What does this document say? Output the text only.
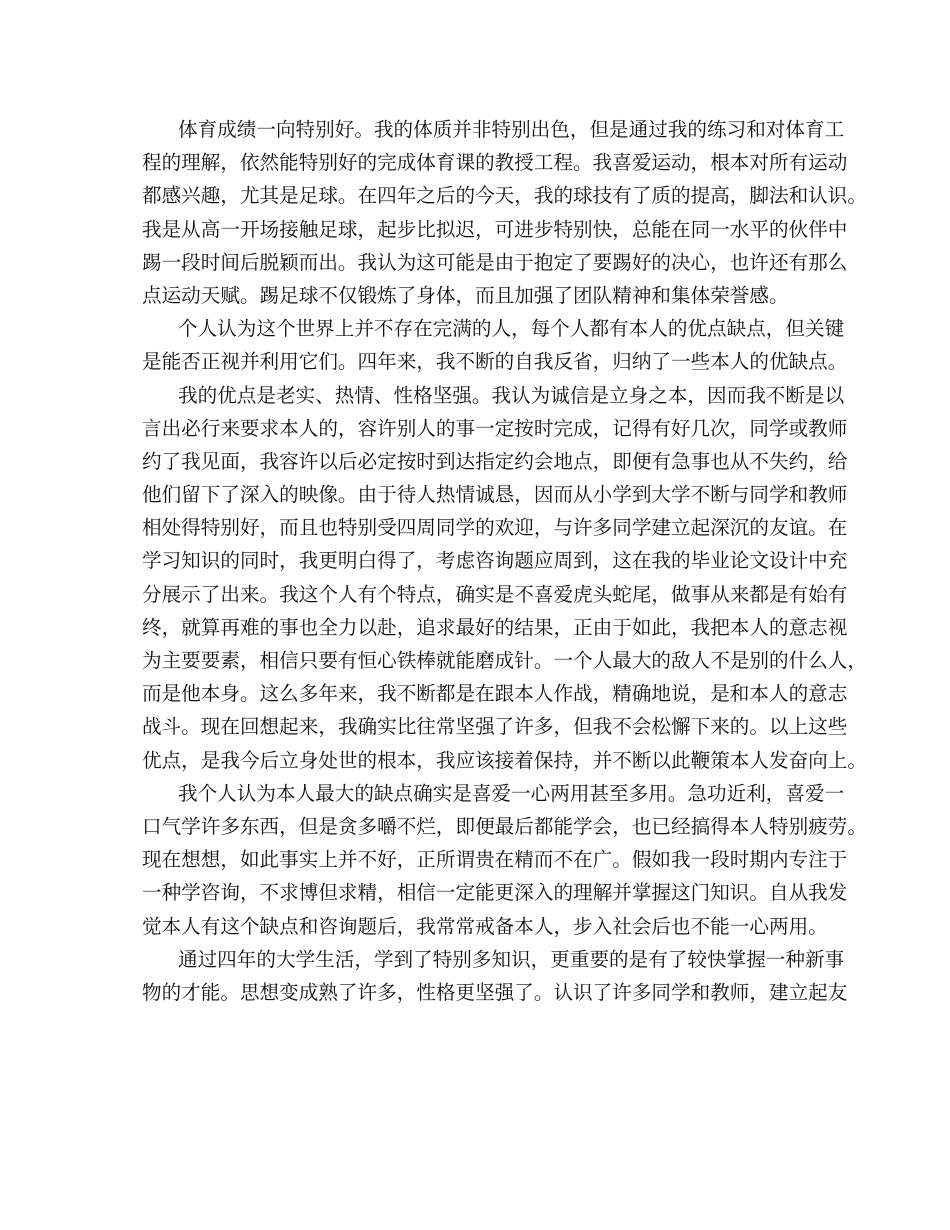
体育成绩一向特别好。我的体质并非特别出色，但是通过我的练习和对体育工
程的理解，依然能特别好的完成体育课的教授工程。我喜爱运动，根本对所有运动
都感兴趣，尤其是足球。在四年之后的今天，我的球技有了质的提高，脚法和认识。
我是从高一开场接触足球，起步比拟迟，可进步特别快，总能在同一水平的伙伴中
踢一段时间后脱颖而出。我认为这可能是由于抱定了要踢好的决心，也许还有那么
点运动天赋。踢足球不仅锻炼了身体，而且加强了团队精神和集体荣誉感。
个人认为这个世界上并不存在完满的人，每个人都有本人的优点缺点，但关键
是能否正视并利用它们。四年来，我不断的自我反省，归纳了一些本人的优缺点。
我的优点是老实、热情、性格坚强。我认为诚信是立身之本，因而我不断是以
言出必行来要求本人的，容许别人的事一定按时完成，记得有好几次，同学或教师
约了我见面，我容许以后必定按时到达指定约会地点，即便有急事也从不失约，给
他们留下了深入的映像。由于待人热情诚恳，因而从小学到大学不断与同学和教师
相处得特别好，而且也特别受四周同学的欢迎，与许多同学建立起深沉的友谊。在
学习知识的同时，我更明白得了，考虑咨询题应周到，这在我的毕业论文设计中充
分展示了出来。我这个人有个特点，确实是不喜爱虎头蛇尾，做事从来都是有始有
终，就算再难的事也全力以赴，追求最好的结果，正由于如此，我把本人的意志视
为主要要素，相信只要有恒心铁棒就能磨成针。一个人最大的敌人不是别的什么人，
而是他本身。这么多年来，我不断都是在跟本人作战，精确地说，是和本人的意志
战斗。现在回想起来，我确实比往常坚强了许多，但我不会松懈下来的。以上这些
优点，是我今后立身处世的根本，我应该接着保持，并不断以此鞭策本人发奋向上。
我个人认为本人最大的缺点确实是喜爱一心两用甚至多用。急功近利，喜爱一
口气学许多东西，但是贪多嚼不烂，即便最后都能学会，也已经搞得本人特别疲劳。
现在想想，如此事实上并不好，正所谓贵在精而不在广。假如我一段时期内专注于
一种学咨询，不求博但求精，相信一定能更深入的理解并掌握这门知识。自从我发
觉本人有这个缺点和咨询题后，我常常戒备本人，步入社会后也不能一心两用。
通过四年的大学生活，学到了特别多知识，更重要的是有了较快掌握一种新事
物的才能。思想变成熟了许多，性格更坚强了。认识了许多同学和教师，建立起友
